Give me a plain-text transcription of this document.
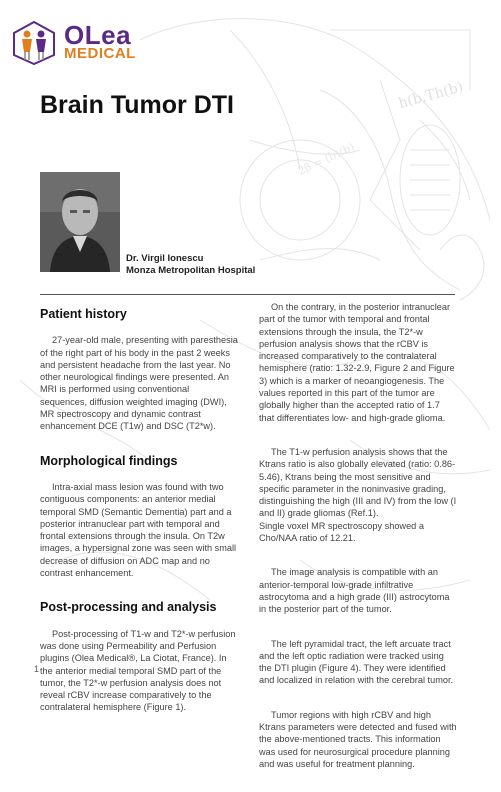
h(b,Th(b)
2β = (b)(b)
OLea
MEDICAL
Brain Tumor DTI
Dr. Virgil Ionescu
Monza Metropolitan Hospital
Patient history

27-year-old male, presenting with paresthesia of the right part of his body in the past 2 weeks and persistent headache from the last year. No other neurological findings were presented. An MRI is performed using conventional sequences, diffusion weighted imaging (DWI), MR spectroscopy and dynamic contrast enhancement DCE (T1w) and DSC (T2*w).

Morphological findings

Intra-axial mass lesion was found with two contiguous components: an anterior medial temporal SMD (Semantic Dementia) part and a posterior intranuclear part with temporal and frontal extensions through the insula. On T2w images, a hypersignal zone was seen with small decrease of diffusion on ADC map and no contrast enhancement.

Post-processing and analysis

Post-processing of T1-w and T2*-w perfusion was done using Permeability and Perfusion plugins (Olea Medical®, La Ciotat, France). In the anterior medial temporal SMD part of the tumor, the T2*-w perfusion analysis does not reveal rCBV increase comparatively to the contralateral hemisphere (Figure 1).

On the contrary, in the posterior intranuclear part of the tumor with temporal and frontal extensions through the insula, the T2*-w perfusion analysis shows that the rCBV is increased comparatively to the contralateral hemisphere (ratio: 1.32-2.9, Figure 2 and Figure 3) which is a marker of neoangiogenesis. The values reported in this part of the tumor are globally higher than the accepted ratio of 1.7 that differentiates low- and high-grade glioma.

The T1-w perfusion analysis shows that the Ktrans ratio is also globally elevated (ratio: 0.86-5.46), Ktrans being the most sensitive and specific parameter in the noninvasive grading, distinguishing the high (III and IV) from the low (I and II) grade gliomas (Ref.1).

Single voxel MR spectroscopy showed a Cho/NAA ratio of 12.21.

The image analysis is compatible with an anterior-temporal low-grade infiltrative astrocytoma and a high grade (III) astrocytoma in the posterior part of the tumor.

The left pyramidal tract, the left arcuate tract and the left optic radiation were tracked using the DTI plugin (Figure 4). They were identified and localized in relation with the cerebral tumor.

Tumor regions with high rCBV and high Ktrans parameters were detected and fused with the above-mentioned tracts. This information was used for neurosurgical procedure planning and was useful for treatment planning.

1
